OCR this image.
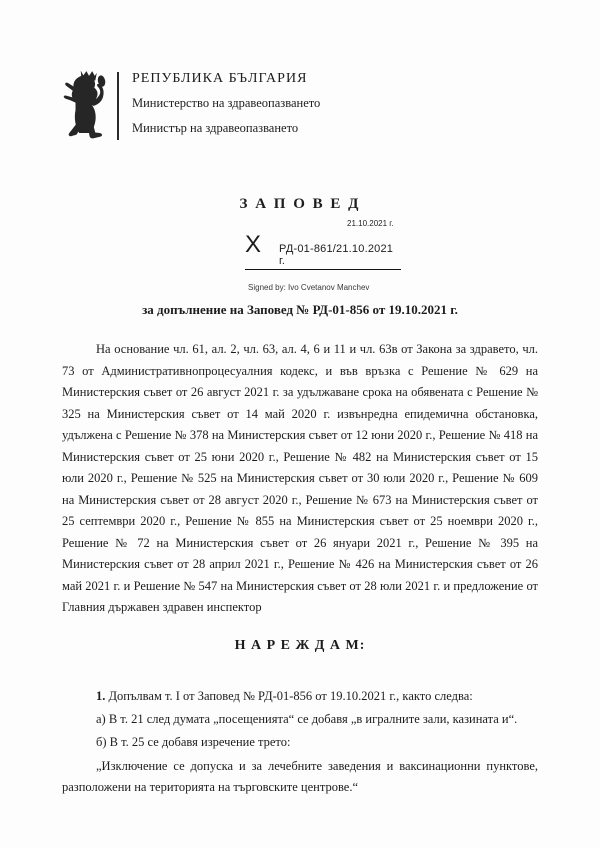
РЕПУБЛИКА БЪЛГАРИЯ
Министерство на здравеопазването
Министър на здравеопазването
З А П О В Е Д
21.10.2021 г.
X РД-01-861/21.10.2021 г.
Signed by: Ivo Cvetanov Manchev
за допълнение на Заповед № РД-01-856 от 19.10.2021 г.

На основание чл. 61, ал. 2, чл. 63, ал. 4, 6 и 11 и чл. 63в от Закона за здравето, чл. 73 от Административнопроцесуалния кодекс, и във връзка с Решение № 629 на Министерския съвет от 26 август 2021 г. за удължаване срока на обявената с Решение № 325 на Министерския съвет от 14 май 2020 г. извънредна епидемична обстановка, удължена с Решение № 378 на Министерския съвет от 12 юни 2020 г., Решение № 418 на Министерския съвет от 25 юни 2020 г., Решение № 482 на Министерския съвет от 15 юли 2020 г., Решение № 525 на Министерския съвет от 30 юли 2020 г., Решение № 609 на Министерския съвет от 28 август 2020 г., Решение № 673 на Министерския съвет от 25 септември 2020 г., Решение № 855 на Министерския съвет от 25 ноември 2020 г., Решение № 72 на Министерския съвет от 26 януари 2021 г., Решение № 395 на Министерския съвет от 28 април 2021 г., Решение № 426 на Министерския съвет от 26 май 2021 г. и Решение № 547 на Министерския съвет от 28 юли 2021 г. и предложение от Главния държавен здравен инспектор

Н А Р Е Ж Д А М:

1. Допълвам т. I от Заповед № РД-01-856 от 19.10.2021 г., както следва:

а) В т. 21 след думата „посещенията“ се добавя „в игралните зали, казината и“.

б) В т. 25 се добавя изречение трето:

„Изключение се допуска и за лечебните заведения и ваксинационни пунктове, разположени на територията на търговските центрове.“
